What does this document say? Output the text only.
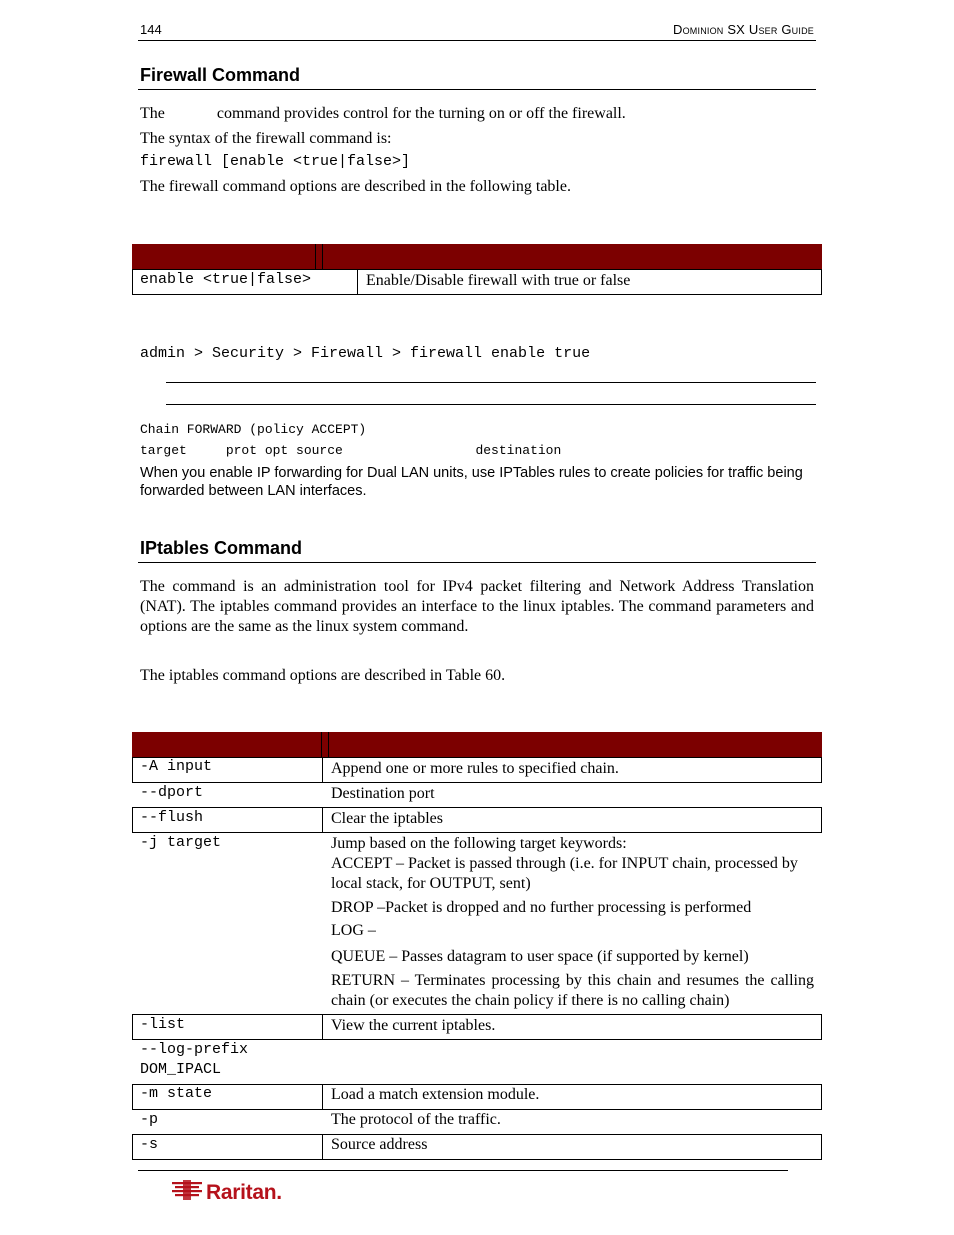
144	Dominion SX User Guide
Firewall Command
The             command provides control for the turning on or off the firewall.
The syntax of the firewall command is:
firewall [enable <true|false>]
The firewall command options are described in the following table.
enable <true|false>	Enable/Disable firewall with true or false
admin > Security > Firewall > firewall enable true
Chain FORWARD (policy ACCEPT)
target     prot opt source                 destination
When you enable IP forwarding for Dual LAN units, use IPTables rules to create policies for traffic being forwarded between LAN interfaces.
IPtables Command
The command is an administration tool for IPv4 packet filtering and Network Address Translation (NAT). The iptables command provides an interface to the linux iptables. The command parameters and options are the same as the linux system command.
The iptables command options are described in Table 60.
-A input	Append one or more rules to specified chain.
--dport	Destination port
--flush	Clear the iptables
-j target	Jump based on the following target keywords:
ACCEPT – Packet is passed through (i.e. for INPUT chain, processed by local stack, for OUTPUT, sent)
DROP –Packet is dropped and no further processing is performed
LOG –
QUEUE – Passes datagram to user space (if supported by kernel)
RETURN – Terminates processing by this chain and resumes the calling chain (or executes the chain policy if there is no calling chain)
-list	View the current iptables.
--log-prefix DOM_IPACL
-m state	Load a match extension module.
-p	The protocol of the traffic.
-s	Source address
Raritan.
